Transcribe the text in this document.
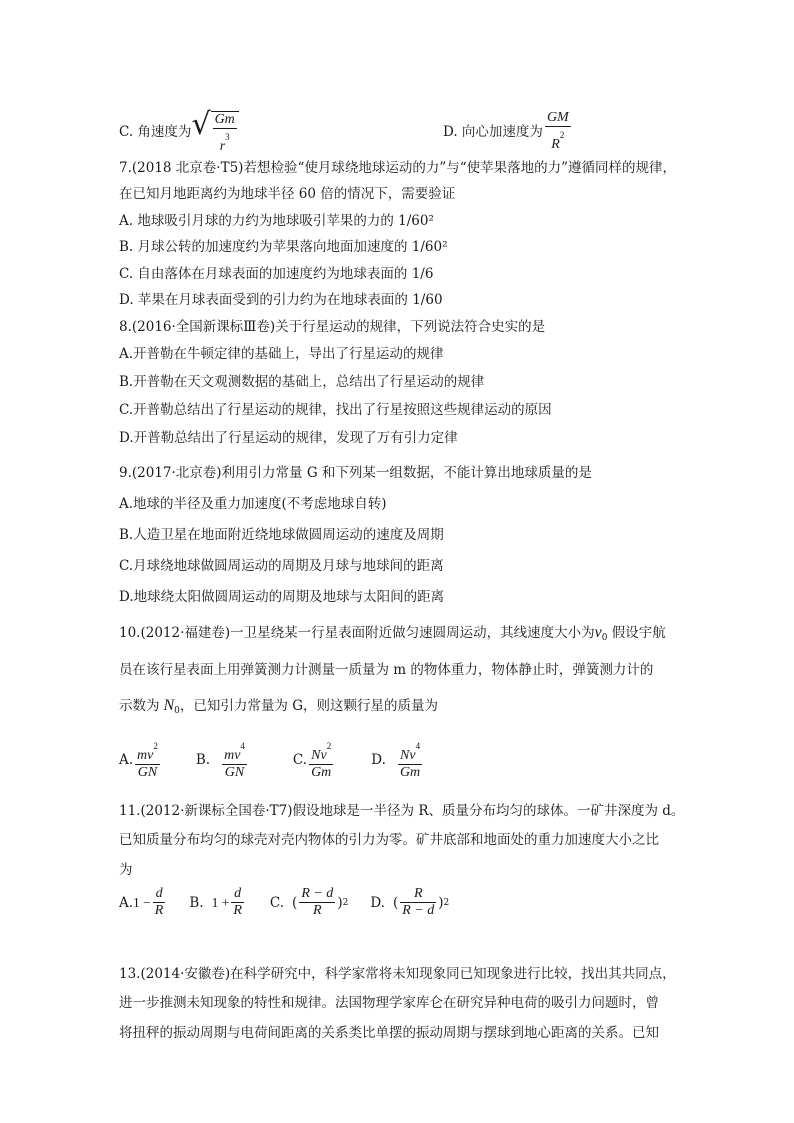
C. 角速度为 √ $\frac{Gm}{r^3}$	D. 向心加速度为 $\frac{GM}{R^2}$
7.(2018 北京卷·T5)若想检验“使月球绕地球运动的力”与“使苹果落地的力”遵循同样的规律，
在已知月地距离约为地球半径 60 倍的情况下，需要验证
A. 地球吸引月球的力约为地球吸引苹果的力的 1/60²
B. 月球公转的加速度约为苹果落向地面加速度的 1/60²
C. 自由落体在月球表面的加速度约为地球表面的 1/6
D. 苹果在月球表面受到的引力约为在地球表面的 1/60
8.(2016·全国新课标Ⅲ卷)关于行星运动的规律，下列说法符合史实的是
A.开普勒在牛顿定律的基础上，导出了行星运动的规律
B.开普勒在天文观测数据的基础上，总结出了行星运动的规律
C.开普勒总结出了行星运动的规律，找出了行星按照这些规律运动的原因
D.开普勒总结出了行星运动的规律，发现了万有引力定律
9.(2017·北京卷)利用引力常量 G 和下列某一组数据，不能计算出地球质量的是
A.地球的半径及重力加速度(不考虑地球自转)
B.人造卫星在地面附近绕地球做圆周运动的速度及周期
C.月球绕地球做圆周运动的周期及月球与地球间的距离
D.地球绕太阳做圆周运动的周期及地球与太阳间的距离
10.(2012·福建卷)一卫星绕某一行星表面附近做匀速圆周运动，其线速度大小为$v_0$ 假设宇航
员在该行星表面上用弹簧测力计测量一质量为 m 的物体重力，物体静止时，弹簧测力计的
示数为 $N_0$，已知引力常量为 G，则这颗行星的质量为
A. $\frac{mv^2}{GN}$	B. $\frac{mv^4}{GN}$	C. $\frac{Nv^2}{Gm}$	D. $\frac{Nv^4}{Gm}$
11.(2012·新课标全国卷·T7)假设地球是一半径为 R、质量分布均匀的球体。一矿井深度为 d。
已知质量分布均匀的球壳对壳内物体的引力为零。矿井底部和地面处的重力加速度大小之比
为
A. $1 - \frac{d}{R} B$. $1 + \frac{d}{R} C$. ( $\frac{R - d}{R}$ ) 2 D. ( $\frac{R}{R - d}$ ) 2
13.(2014·安徽卷)在科学研究中，科学家常将未知现象同已知现象进行比较，找出其共同点，
进一步推测未知现象的特性和规律。法国物理学家库仑在研究异种电荷的吸引力问题时，曾
将扭秤的振动周期与电荷间距离的关系类比单摆的振动周期与摆球到地心距离的关系。已知
